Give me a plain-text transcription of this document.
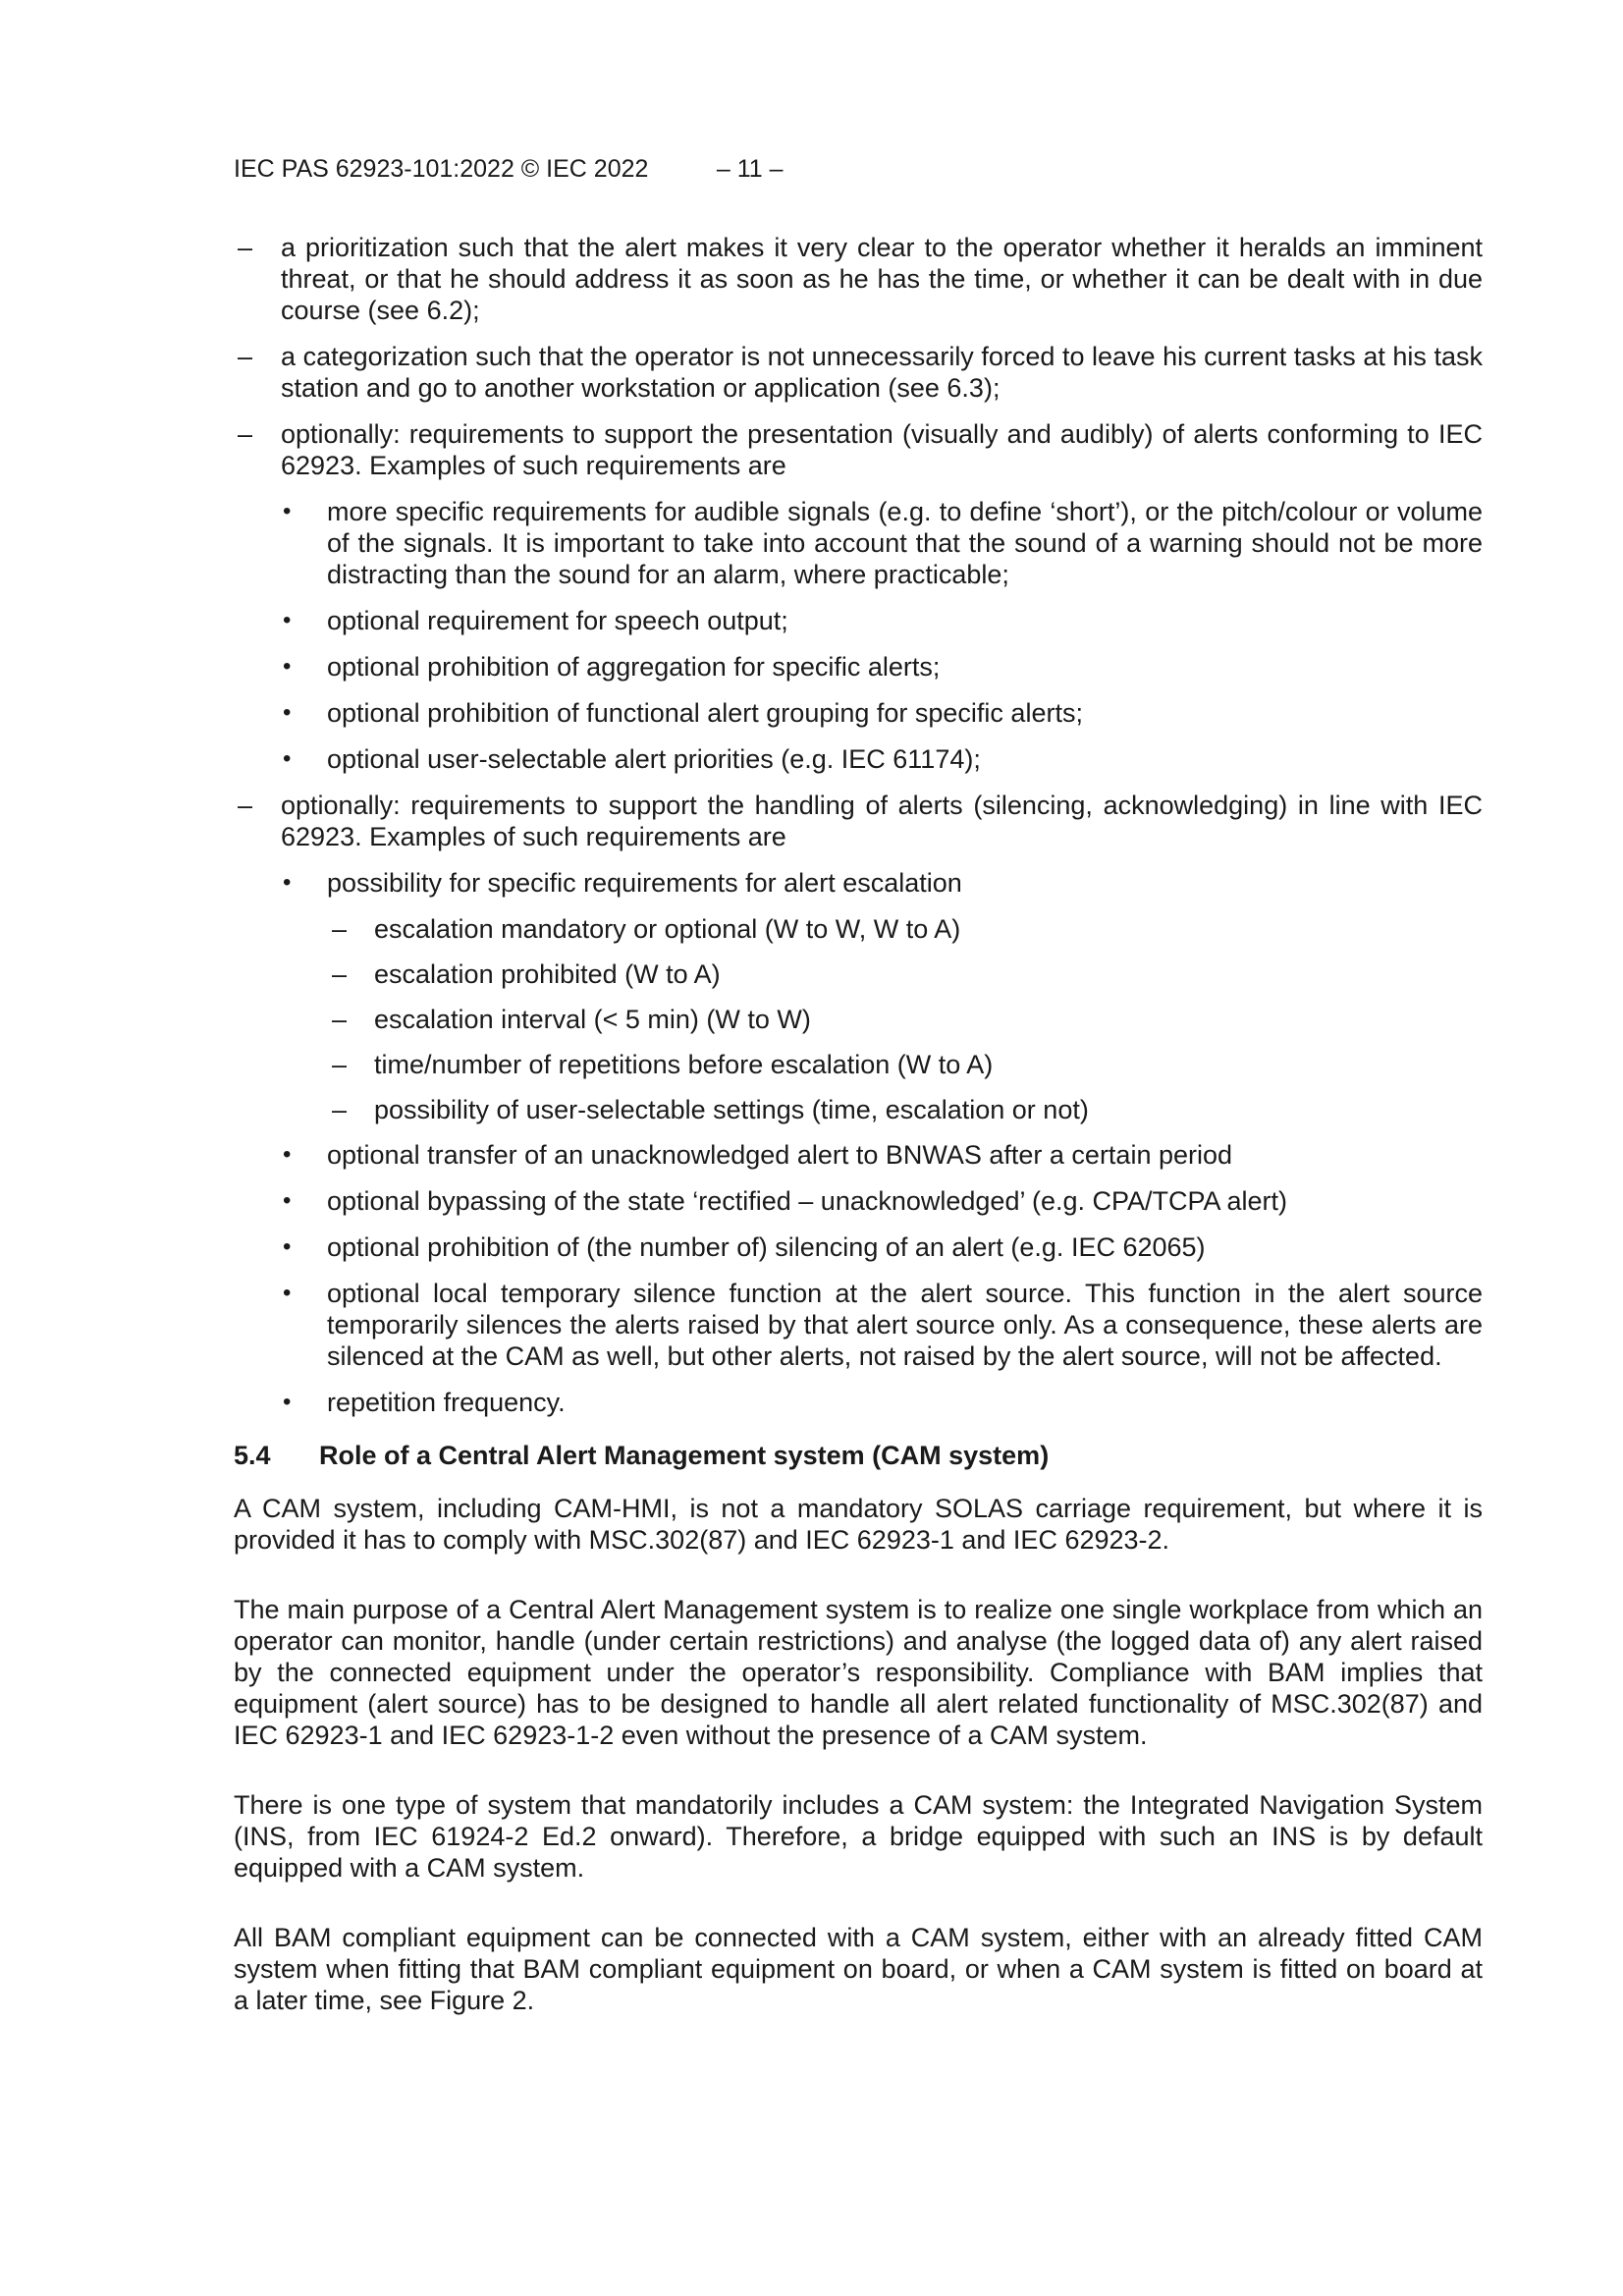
IEC PAS 62923-101:2022 © IEC 2022	– 11 –
– a prioritization such that the alert makes it very clear to the operator whether it heralds an imminent threat, or that he should address it as soon as he has the time, or whether it can be dealt with in due course (see 6.2);
– a categorization such that the operator is not unnecessarily forced to leave his current tasks at his task station and go to another workstation or application (see 6.3);
– optionally: requirements to support the presentation (visually and audibly) of alerts conforming to IEC 62923. Examples of such requirements are
• more specific requirements for audible signals (e.g. to define ‘short’), or the pitch/colour or volume of the signals. It is important to take into account that the sound of a warning should not be more distracting than the sound for an alarm, where practicable;
• optional requirement for speech output;
• optional prohibition of aggregation for specific alerts;
• optional prohibition of functional alert grouping for specific alerts;
• optional user-selectable alert priorities (e.g. IEC 61174);
– optionally: requirements to support the handling of alerts (silencing, acknowledging) in line with IEC 62923. Examples of such requirements are
• possibility for specific requirements for alert escalation
– escalation mandatory or optional (W to W, W to A)
– escalation prohibited (W to A)
– escalation interval (< 5 min) (W to W)
– time/number of repetitions before escalation (W to A)
– possibility of user-selectable settings (time, escalation or not)
• optional transfer of an unacknowledged alert to BNWAS after a certain period
• optional bypassing of the state ‘rectified – unacknowledged’ (e.g. CPA/TCPA alert)
• optional prohibition of (the number of) silencing of an alert (e.g. IEC 62065)
• optional local temporary silence function at the alert source. This function in the alert source temporarily silences the alerts raised by that alert source only. As a consequence, these alerts are silenced at the CAM as well, but other alerts, not raised by the alert source, will not be affected.
• repetition frequency.
5.4	Role of a Central Alert Management system (CAM system)
A CAM system, including CAM-HMI, is not a mandatory SOLAS carriage requirement, but where it is provided it has to comply with MSC.302(87) and IEC 62923-1 and IEC 62923-2.
The main purpose of a Central Alert Management system is to realize one single workplace from which an operator can monitor, handle (under certain restrictions) and analyse (the logged data of) any alert raised by the connected equipment under the operator’s responsibility. Compliance with BAM implies that equipment (alert source) has to be designed to handle all alert related functionality of MSC.302(87) and IEC 62923-1 and IEC 62923-1-2 even without the presence of a CAM system.
There is one type of system that mandatorily includes a CAM system: the Integrated Navigation System (INS, from IEC 61924-2 Ed.2 onward). Therefore, a bridge equipped with such an INS is by default equipped with a CAM system.
All BAM compliant equipment can be connected with a CAM system, either with an already fitted CAM system when fitting that BAM compliant equipment on board, or when a CAM system is fitted on board at a later time, see Figure 2.
